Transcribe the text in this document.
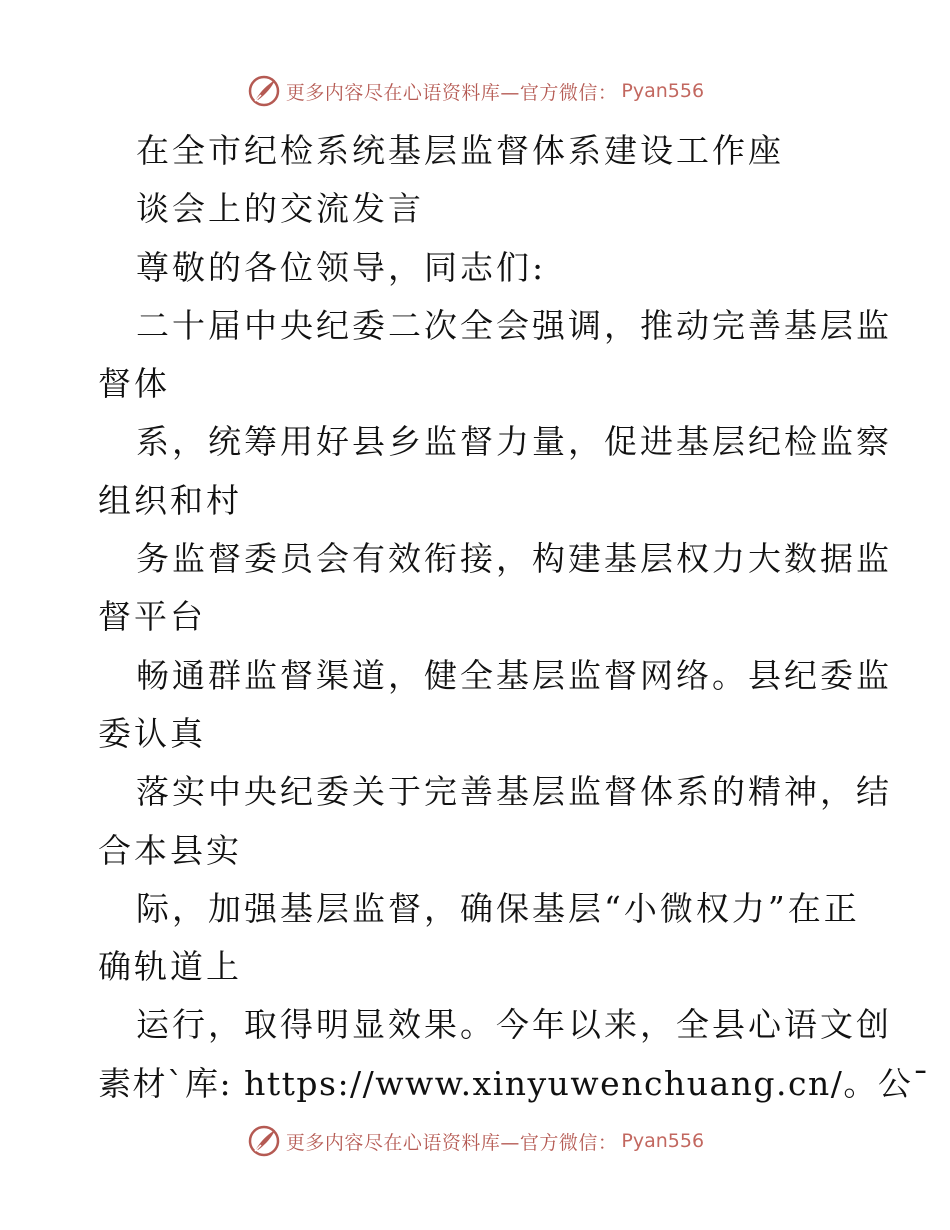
更多内容尽在心语资料库—官方微信： Pyan556
在全市纪检系统基层监督体系建设工作座
谈会上的交流发言
尊敬的各位领导，同志们:
二十届中央纪委二次全会强调，推动完善基层监
督体
系，统筹用好县乡监督力量，促进基层纪检监察
组织和村
务监督委员会有效衔接，构建基层权力大数据监
督平台
畅通群监督渠道，健全基层监督网络。县纪委监
委认真
落实中央纪委关于完善基层监督体系的精神，结
合本县实
际，加强基层监督，确保基层“小微权力”在正
确轨道上
运行，取得明显效果。今年以来，全县心语文创
素材`库: https://www.xinyuwenchuang.cn/。公¯
更多内容尽在心语资料库—官方微信： Pyan556
